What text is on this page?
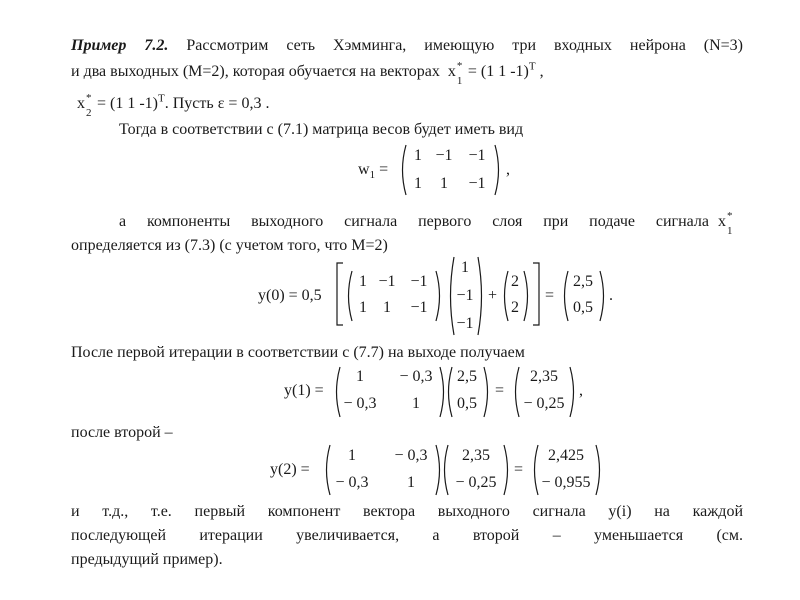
Пример 7.2. Рассмотрим сеть Хэмминга, имеющую три входных нейрона (N=3)
и два выходных (M=2), которая обучается на векторах x *
1
= (1 1 -1)$^T$ ,
x *
2
= (1 1 -1)$^T$. Пусть ε = 0,3 .
Тогда в соответствии с (7.1) матрица весов будет иметь вид
$w_1$ =
1 −1 −1
1	1	−1
,
а компоненты выходного сигнала первого слоя при подаче сигнала x *
1
определяется из (7.3) (с учетом того, что M=2)
y(0) = 0,5
1 −1 −1
1	1	−1
1
−1
−1
+
2
2
=
2,5
0,5
.
После первой итерации в соответствии с (7.7) на выходе получаем
y(1) =
1	− 0,3
− 0,3	1
2,5
0,5
=
2,35
− 0,25
,
после второй –
y(2) =
1	− 0,3
− 0,3	1
2,35
− 0,25
=
2,425
− 0,955
и т.д., т.е. первый компонент вектора выходного сигнала y(i) на каждой
последующей итерации увеличивается, а второй – уменьшается (см.
предыдущий пример).
